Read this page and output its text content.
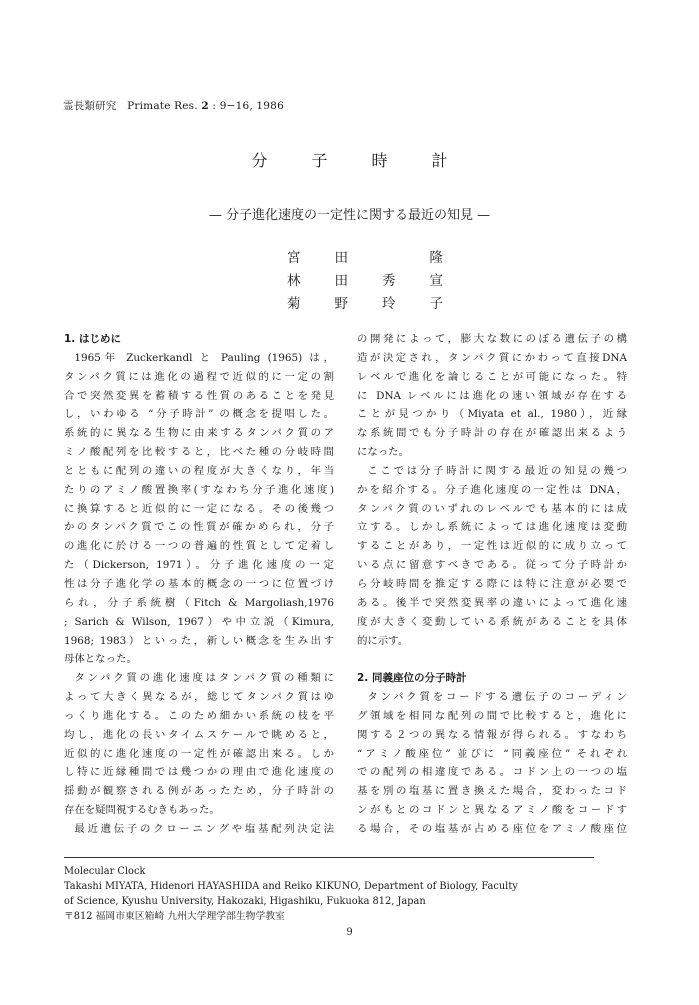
霊長類研究 Primate Res. 2 : 9−16, 1986
分子時計
— 分子進化速度の一定性に関する最近の知見 —
宮	田	隆
林	田	秀	宣
菊	野	玲	子
1. はじめに

1965年 Zuckerkandl と Pauling (1965) は，

タンパク質には進化の過程で近似的に一定の割

合で突然変異を蓄積する性質のあることを発見

し，いわゆる “分子時計” の概念を提唱した。

系統的に異なる生物に由来するタンパク質のア

ミノ酸配列を比較すると，比べた種の分岐時間

とともに配列の違いの程度が大きくなり，年当

たりのアミノ酸置換率(すなわち分子進化速度)

に換算すると近似的に一定になる。その後幾つ

かのタンパク質でこの性質が確かめられ，分子

の進化に於ける一つの普遍的性質として定着し

た（Dickerson, 1971）。分子進化速度の一定

性は分子進化学の基本的概念の一つに位置づけ

られ，分子系統樹（Fitch & Margoliash,1976

; Sarich & Wilson, 1967）や中立説（Kimura,

1968; 1983）といった，新しい概念を生み出す

母体となった。

タンパク質の進化速度はタンパク質の種類に

よって大きく異なるが，総じてタンパク質はゆ

っくり進化する。このため細かい系統の枝を平

均し，進化の長いタイムスケールで眺めると，

近似的に進化速度の一定性が確認出来る。しか

し特に近縁種間では幾つかの理由で進化速度の

揺動が観察される例があったため，分子時計の

存在を疑問視するむきもあった。

最近遺伝子のクローニングや塩基配列決定法

の開発によって，膨大な数にのぼる遺伝子の構

造が決定され，タンパク質にかわって直接DNA

レベルで進化を論じることが可能になった。特

に DNA レベルには進化の速い領域が存在する

ことが見つかり（Miyata et al., 1980），近縁

な系統間でも分子時計の存在が確認出来るよう

になった。

ここでは分子時計に関する最近の知見の幾つ

かを紹介する。分子進化速度の一定性は DNA，

タンパク質のいずれのレベルでも基本的には成

立する。しかし系統によっては進化速度は変動

することがあり，一定性は近似的に成り立って

いる点に留意すべきである。従って分子時計か

ら分岐時間を推定する際には特に注意が必要で

ある。後半で突然変異率の違いによって進化速

度が大きく変動している系統があることを具体

的に示す。

2. 同義座位の分子時計

タンパク質をコードする遺伝子のコーディン

グ領域を相同な配列の間で比較すると，進化に

関する２つの異なる情報が得られる。すなわち

“アミノ酸座位” 並びに “同義座位” それぞれ

での配列の相違度である。コドン上の一つの塩

基を別の塩基に置き換えた場合，変わったコド

ンがもとのコドンと異なるアミノ酸をコードす

る場合，その塩基が占める座位をアミノ酸座位

Molecular Clock
Takashi MIYATA, Hidenori HAYASHIDA and Reiko KIKUNO, Department of Biology, Faculty
of Science, Kyushu University, Hakozaki, Higashiku, Fukuoka 812, Japan
〒812 福岡市東区箱崎 九州大学理学部生物学教室
9
